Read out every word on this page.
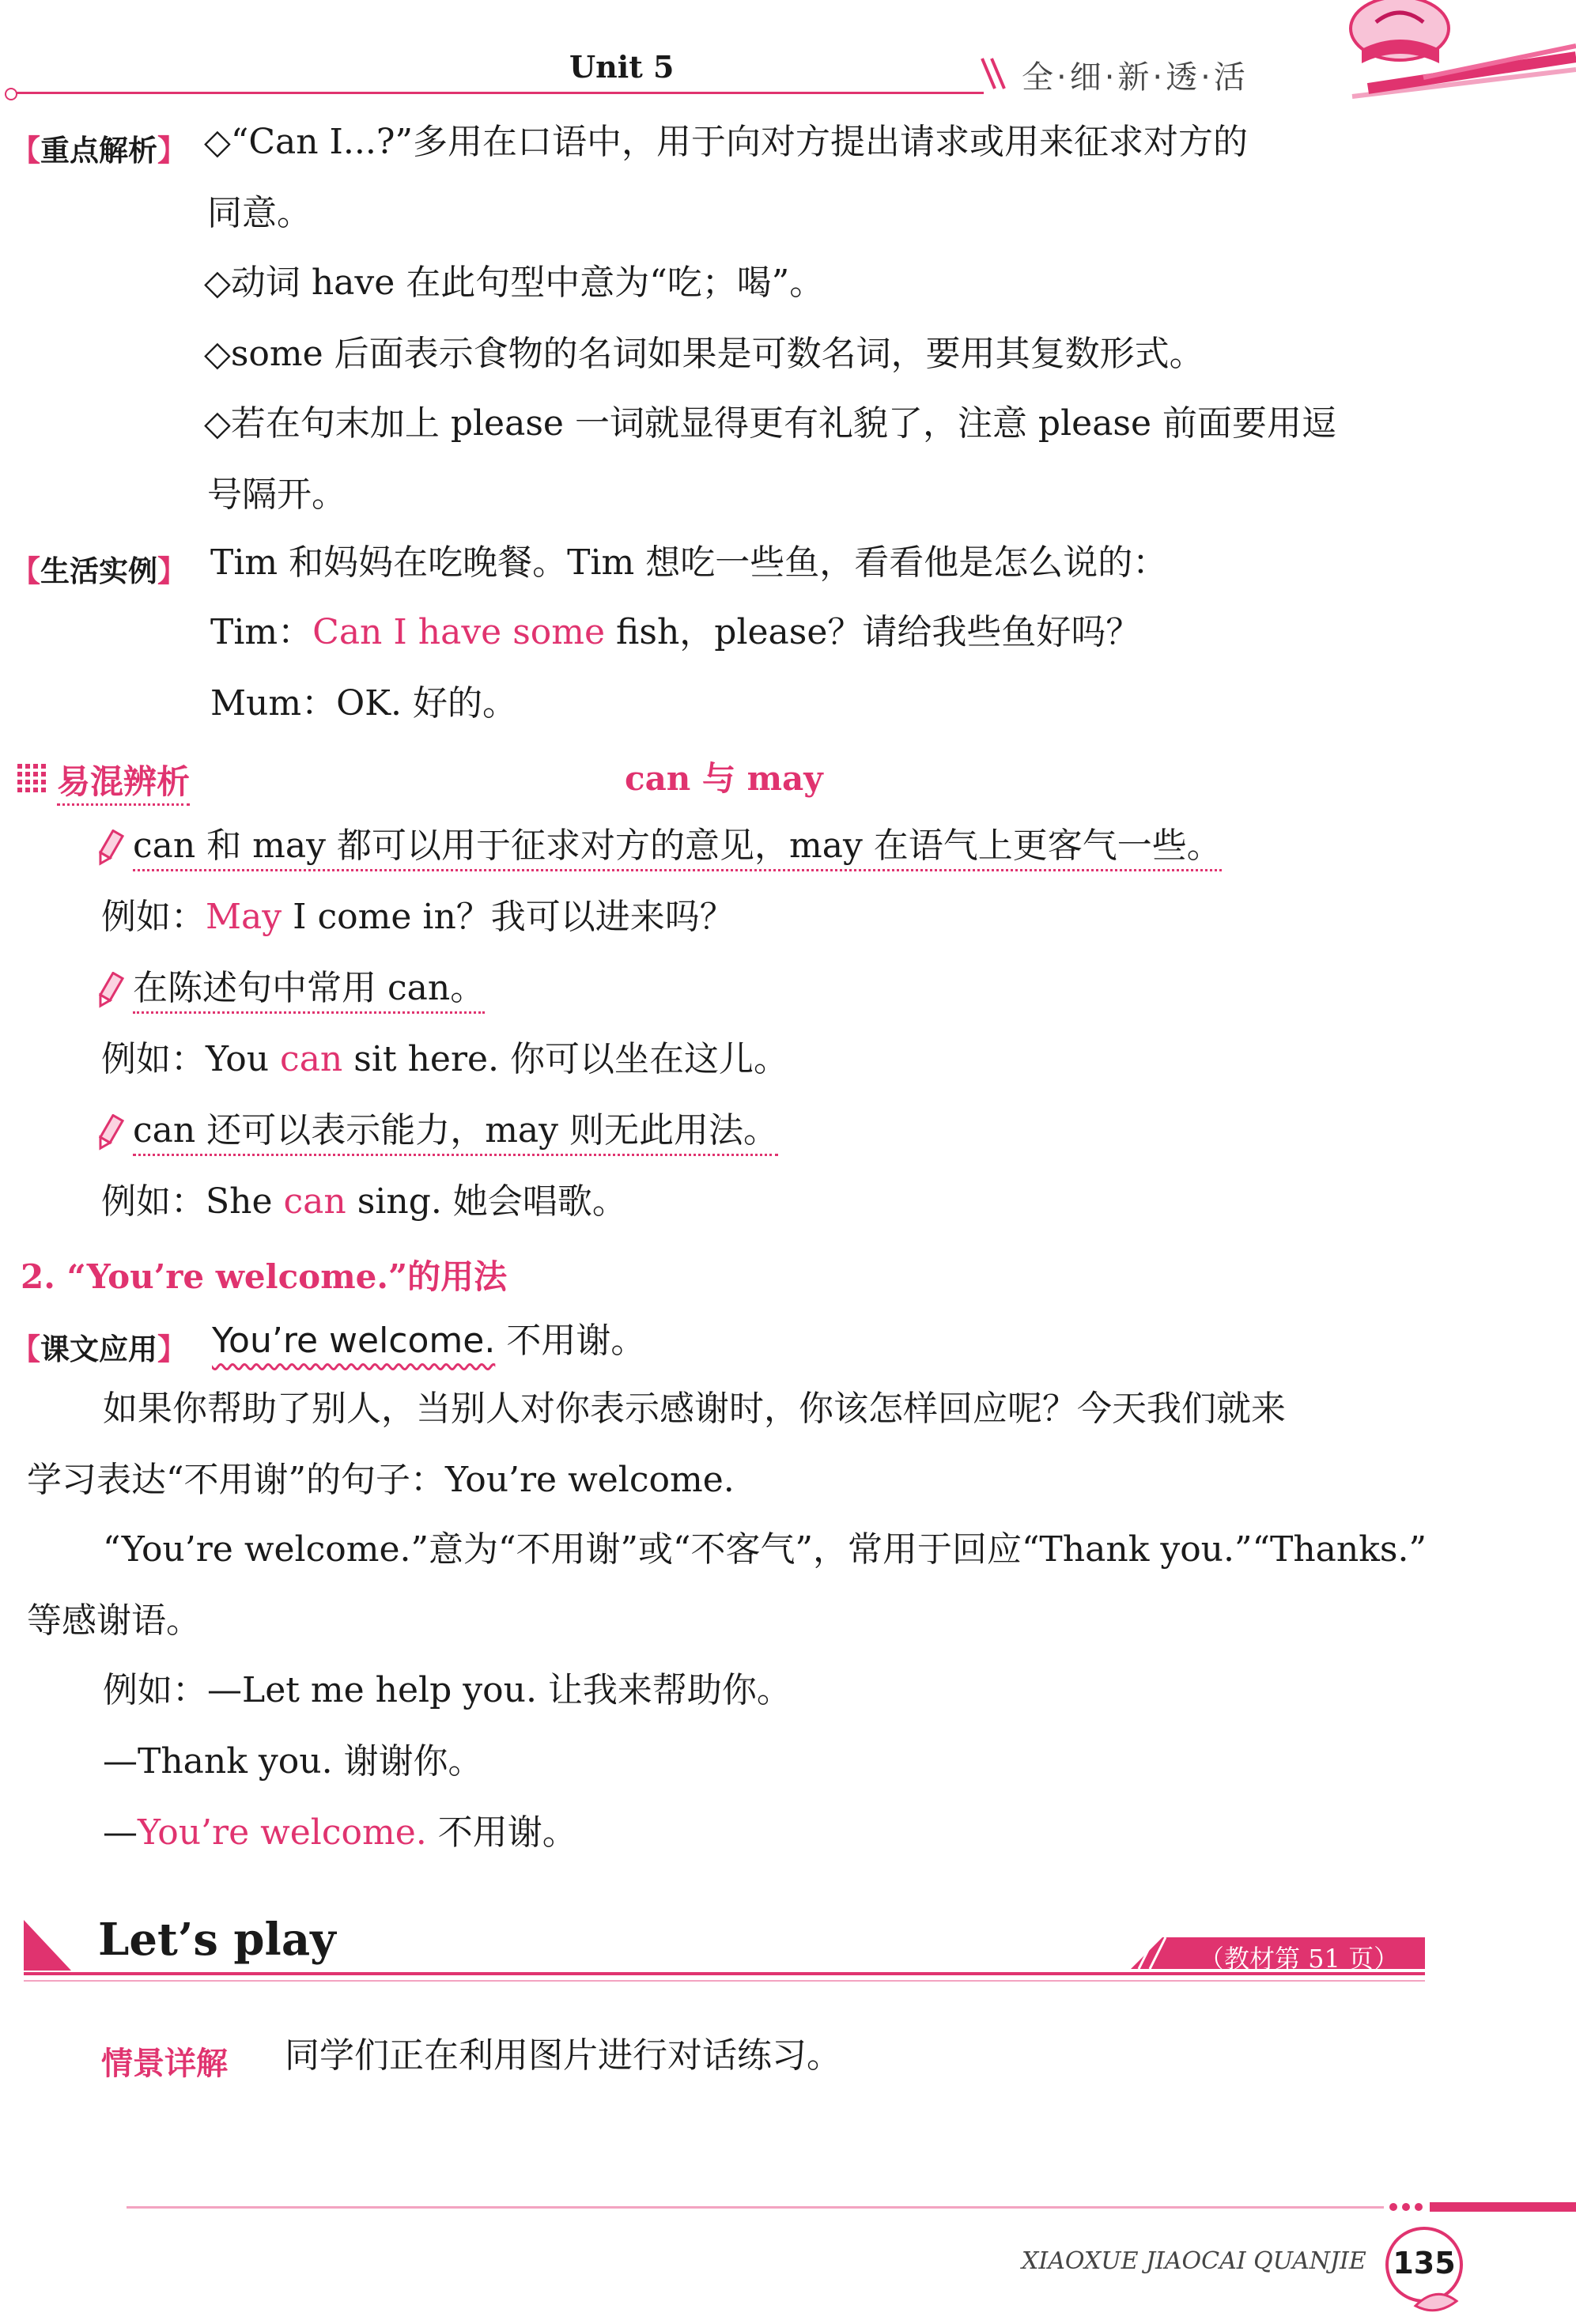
Unit 5	全·细·新·透·活
【重点解析】 ◇“Can I...?”多用在口语中，用于向对方提出请求或用来征求对方的
同意。
◇动词 have 在此句型中意为“吃；喝”。
◇some 后面表示食物的名词如果是可数名词，要用其复数形式。
◇若在句末加上 please 一词就显得更有礼貌了，注意 please 前面要用逗
号隔开。
【生活实例】 Tim 和妈妈在吃晚餐。Tim 想吃一些鱼，看看他是怎么说的：
Tim：Can I have some fish，please？请给我些鱼好吗？
Mum：OK. 好的。
易混辨析	can 与 may
can 和 may 都可以用于征求对方的意见，may 在语气上更客气一些。
例如：May I come in？我可以进来吗？
在陈述句中常用 can。
例如：You can sit here. 你可以坐在这儿。
can 还可以表示能力，may 则无此用法。
例如：She can sing. 她会唱歌。
2. “You’re welcome.”的用法
【课文应用】 You’re welcome. 不用谢。
如果你帮助了别人，当别人对你表示感谢时，你该怎样回应呢？今天我们就来
学习表达“不用谢”的句子：You’re welcome.
“You’re welcome.”意为“不用谢”或“不客气”，常用于回应“Thank you.”“Thanks.”
等感谢语。
例如：—Let me help you. 让我来帮助你。
—Thank you. 谢谢你。
—You’re welcome. 不用谢。
Let’s play	（教材第 51 页）
情景详解 同学们正在利用图片进行对话练习。
XIAOXUE JIAOCAI QUANJIE 135
